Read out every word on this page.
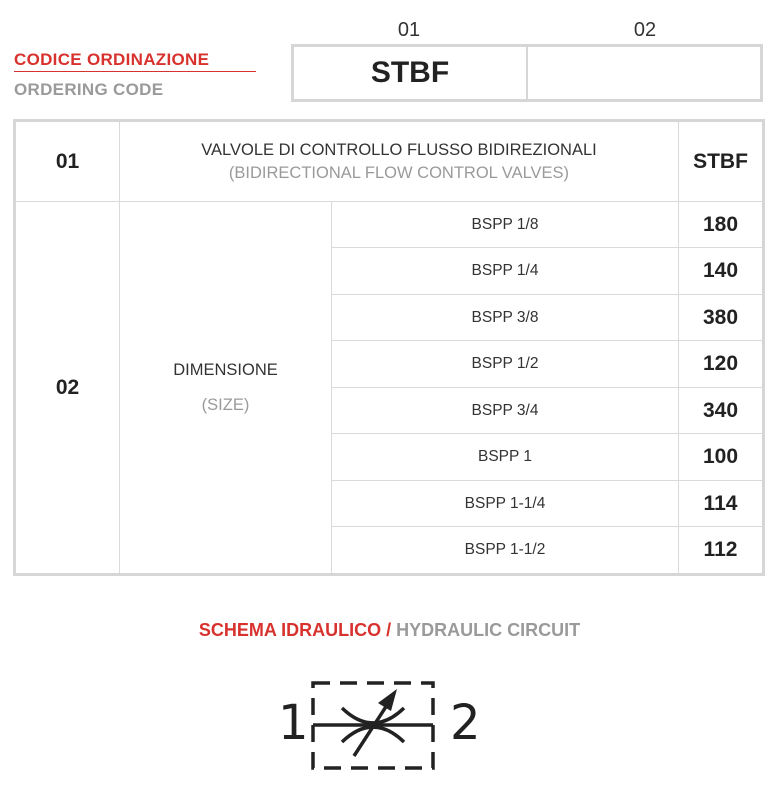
CODICE ORDINAZIONE
ORDERING CODE
01	02
STBF
01	VALVOLE DI CONTROLLO FLUSSO BIDIREZIONALI
(BIDIRECTIONAL FLOW CONTROL VALVES)	STBF
02
DIMENSIONE
(SIZE)
BSPP 1/8	180
BSPP 1/4	140
BSPP 3/8	380
BSPP 1/2	120
BSPP 3/4	340
BSPP 1	100
BSPP 1-1/4	114
BSPP 1-1/2	112
SCHEMA IDRAULICO / HYDRAULIC CIRCUIT
1	2
